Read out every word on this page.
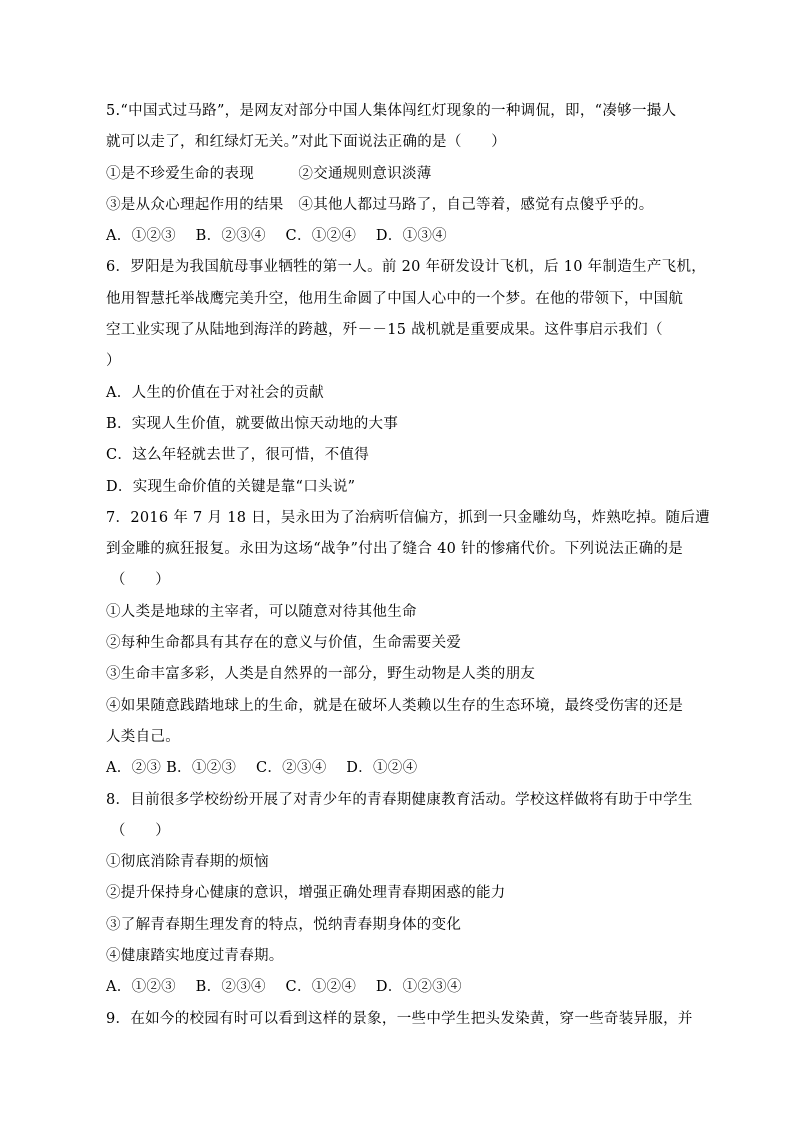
5.“中国式过马路”，是网友对部分中国人集体闯红灯现象的一种调侃，即，“凑够一撮人
就可以走了，和红绿灯无关。”对此下面说法正确的是（　　）
①是不珍爱生命的表现　　　②交通规则意识淡薄
③是从众心理起作用的结果　④其他人都过马路了，自己等着，感觉有点傻乎乎的。
A．①②③　 B．②③④　 C．①②④　 D．①③④
6．罗阳是为我国航母事业牺牲的第一人。前 20 年研发设计飞机，后 10 年制造生产飞机，
他用智慧托举战鹰完美升空，他用生命圆了中国人心中的一个梦。在他的带领下，中国航
空工业实现了从陆地到海洋的跨越，歼－－15 战机就是重要成果。这件事启示我们（
）
A．人生的价值在于对社会的贡献
B．实现人生价值，就要做出惊天动地的大事
C．这么年轻就去世了，很可惜，不值得
D．实现生命价值的关键是靠“口头说”
7．2016 年 7 月 18 日，吴永田为了治病听信偏方，抓到一只金雕幼鸟，炸熟吃掉。随后遭
到金雕的疯狂报复。永田为这场“战争”付出了缝合 40 针的惨痛代价。下列说法正确的是
（　　）
①人类是地球的主宰者，可以随意对待其他生命
②每种生命都具有其存在的意义与价值，生命需要关爱
③生命丰富多彩，人类是自然界的一部分，野生动物是人类的朋友
④如果随意践踏地球上的生命，就是在破坏人类赖以生存的生态环境，最终受伤害的还是
人类自己。
A．②③ B．①②③　 C．②③④　 D．①②④
8．目前很多学校纷纷开展了对青少年的青春期健康教育活动。学校这样做将有助于中学生
（　　）
①彻底消除青春期的烦恼
②提升保持身心健康的意识，增强正确处理青春期困惑的能力
③了解青春期生理发育的特点，悦纳青春期身体的变化
④健康踏实地度过青春期。
A．①②③　 B．②③④　 C．①②④　 D．①②③④
9．在如今的校园有时可以看到这样的景象，一些中学生把头发染黄，穿一些奇装异服，并
